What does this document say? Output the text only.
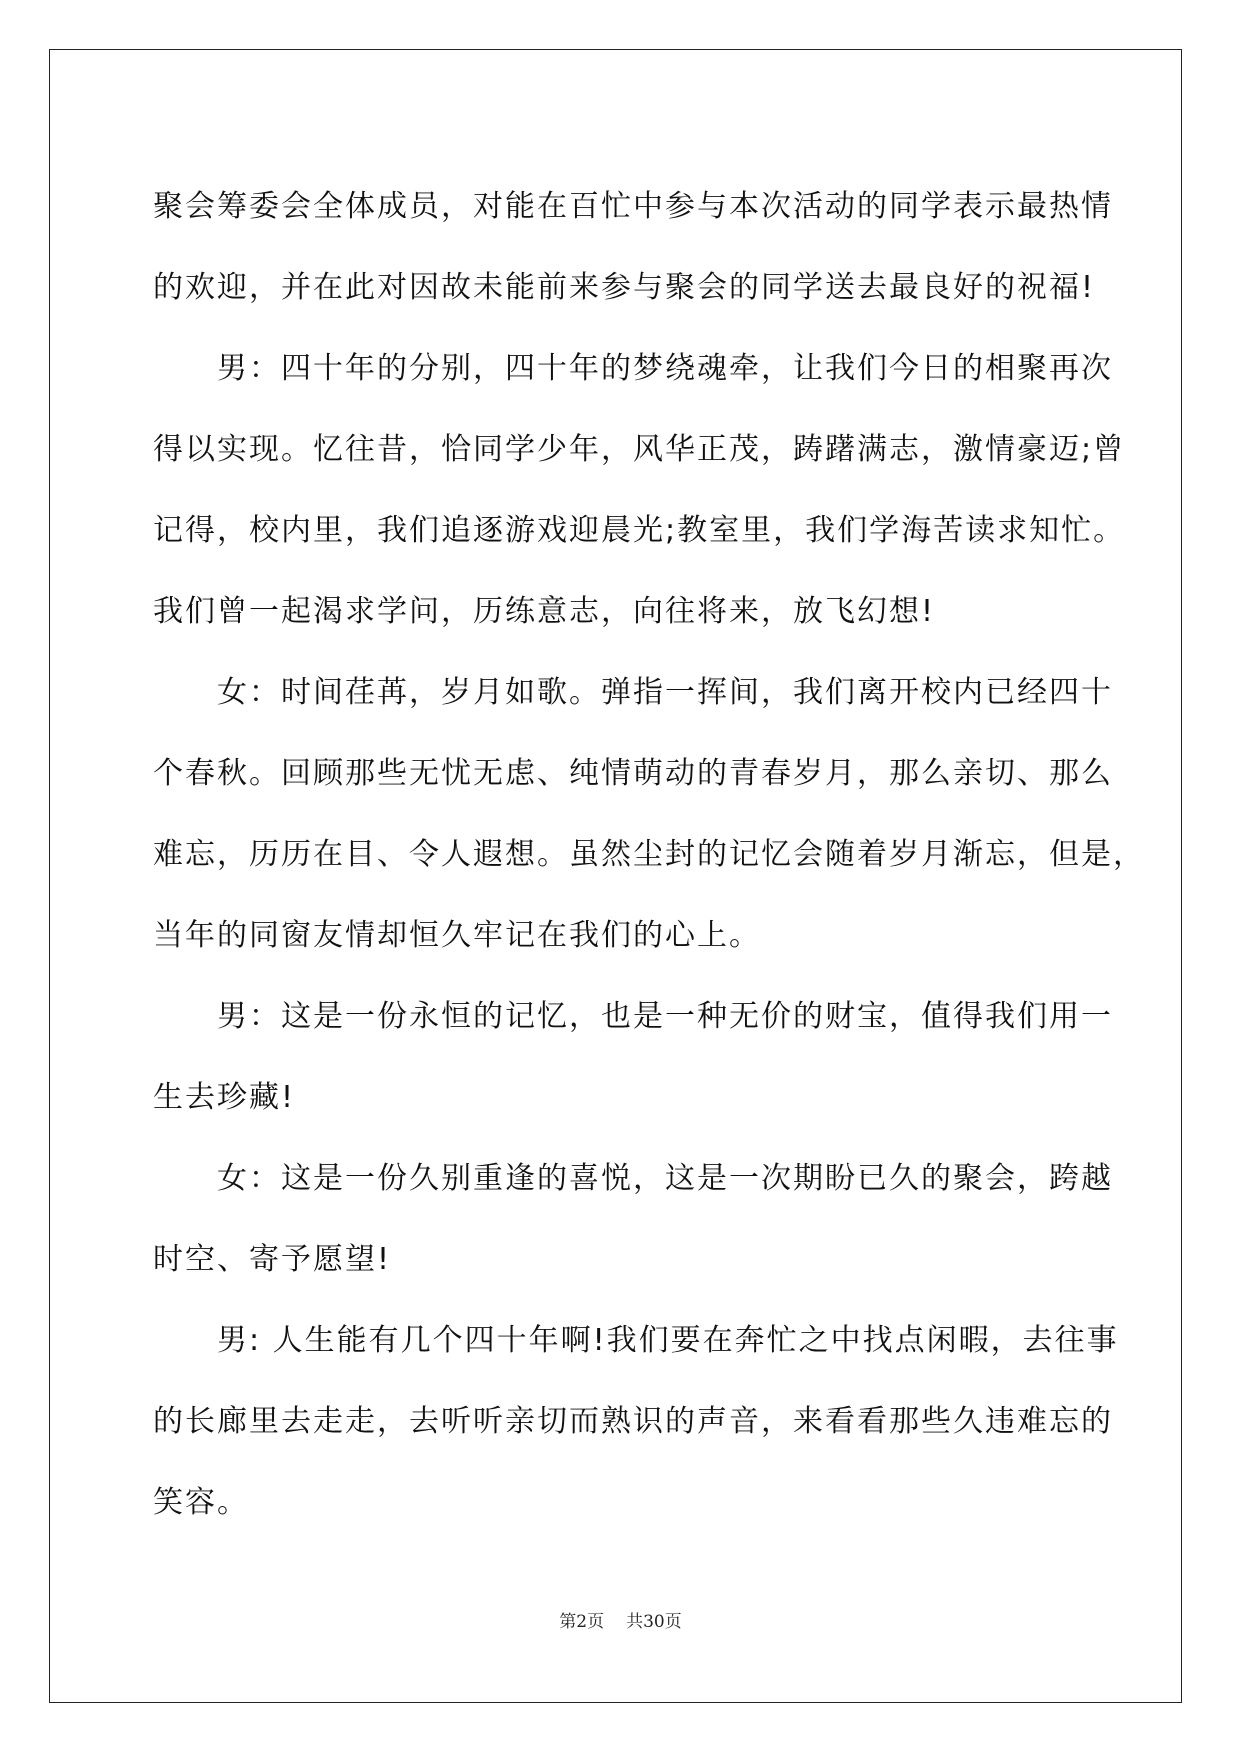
聚会筹委会全体成员，对能在百忙中参与本次活动的同学表示最热情
的欢迎，并在此对因故未能前来参与聚会的同学送去最良好的祝福!
男：四十年的分别，四十年的梦绕魂牵，让我们今日的相聚再次
得以实现。忆往昔，恰同学少年，风华正茂，踌躇满志，激情豪迈;曾
记得，校内里，我们追逐游戏迎晨光;教室里，我们学海苦读求知忙。
我们曾一起渴求学问，历练意志，向往将来，放飞幻想!
女：时间荏苒，岁月如歌。弹指一挥间，我们离开校内已经四十
个春秋。回顾那些无忧无虑、纯情萌动的青春岁月，那么亲切、那么
难忘，历历在目、令人遐想。虽然尘封的记忆会随着岁月渐忘，但是，
当年的同窗友情却恒久牢记在我们的心上。
男：这是一份永恒的记忆，也是一种无价的财宝，值得我们用一
生去珍藏!
女：这是一份久别重逢的喜悦，这是一次期盼已久的聚会，跨越
时空、寄予愿望!
男: 人生能有几个四十年啊!我们要在奔忙之中找点闲暇，去往事
的长廊里去走走，去听听亲切而熟识的声音，来看看那些久违难忘的
笑容。
第2页 共30页
